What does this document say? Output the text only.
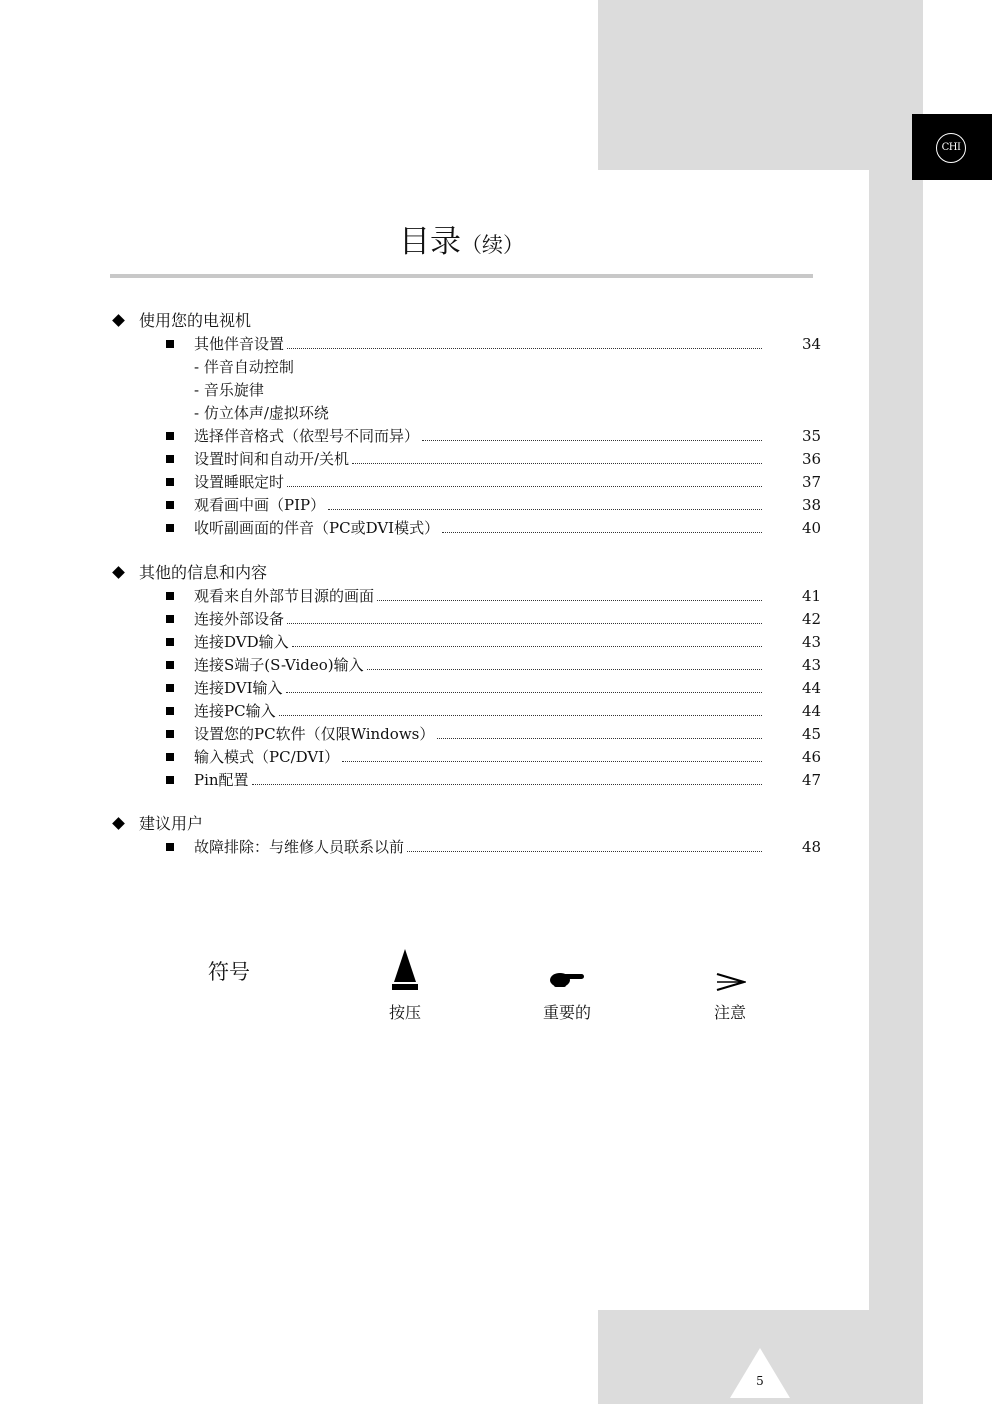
CHI
目录（续）
使用您的电视机
其他伴音设置	34
- 伴音自动控制
- 音乐旋律
- 仿立体声/虚拟环绕
选择伴音格式（依型号不同而异）	35
设置时间和自动开/关机	36
设置睡眠定时	37
观看画中画（PIP）	38
收听副画面的伴音（PC或DVI模式）	40
其他的信息和内容
观看来自外部节目源的画面	41
连接外部设备	42
连接DVD输入	43
连接S端子(S-Video)输入	43
连接DVI输入	44
连接PC输入	44
设置您的PC软件（仅限Windows）	45
输入模式（PC/DVI）	46
Pin配置	47
建议用户
故障排除：与维修人员联系以前	48
符号
按压	重要的	注意
5
